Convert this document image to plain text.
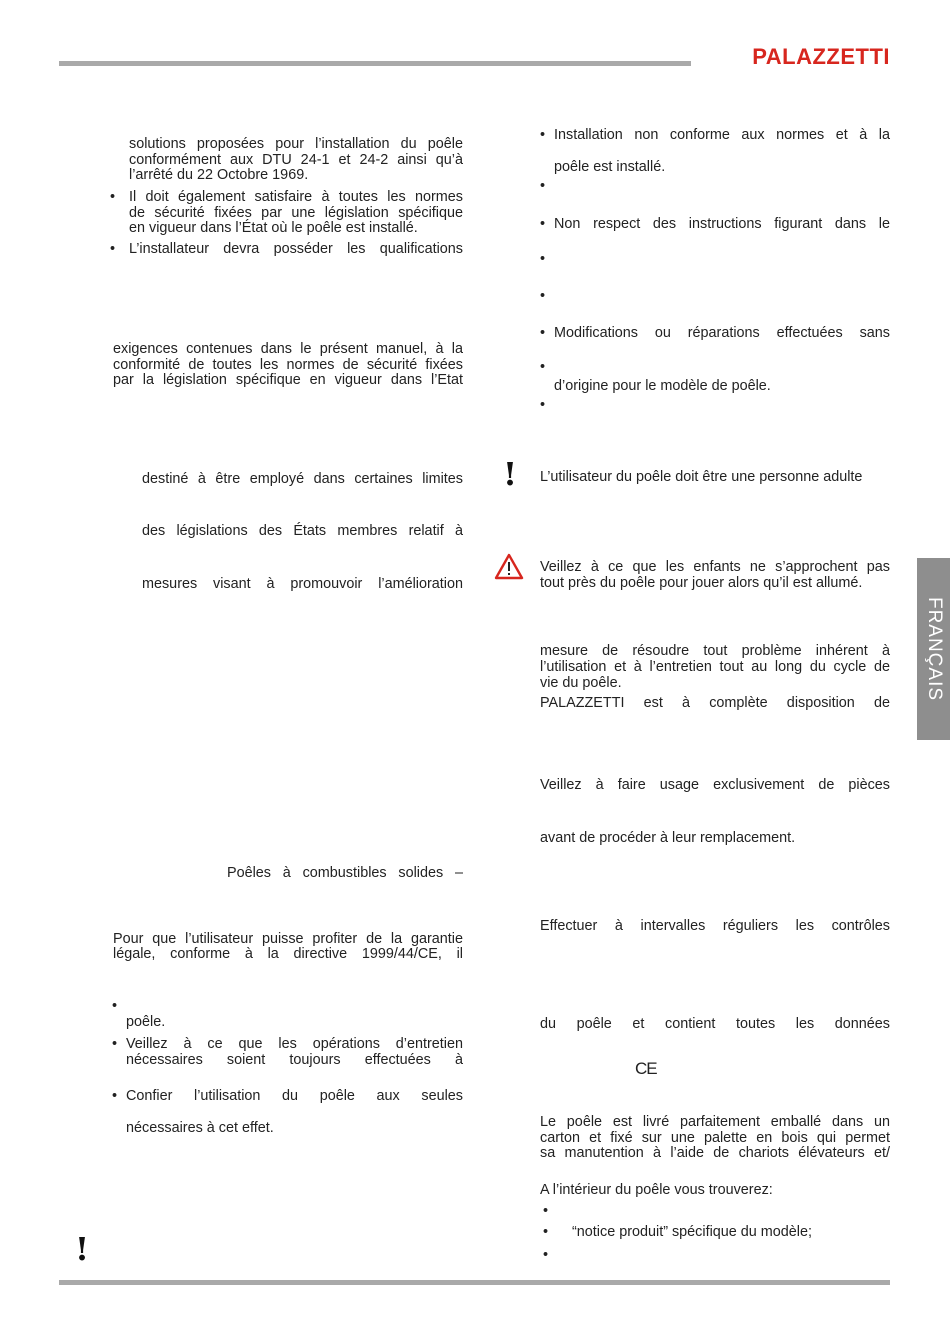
PALAZZETTI
FRANÇAIS
solutions proposées pour l’installation du poêle
conformément aux DTU 24-1 et 24-2 ainsi qu’à
l’arrêté du 22 Octobre 1969.
• Il doit également satisfaire à toutes les normes
de sécurité fixées par une législation spécifique
en vigueur dans l’État où le poêle est installé.
• L’installateur devra posséder les qualifications
exigences contenues dans le présent manuel, à la
conformité de toutes les normes de sécurité fixées
par la législation spécifique en vigueur dans l’Etat
destiné à être employé dans certaines limites
des législations des États membres relatif à
mesures visant à promouvoir l’amélioration
Poêles à combustibles solides –
Pour que l’utilisateur puisse profiter de la garantie
légale, conforme à la directive 1999/44/CE, il
•
poêle.
• Veillez à ce que les opérations d’entretien
nécessaires soient toujours effectuées à
• Confier l’utilisation du poêle aux seules
nécessaires à cet effet.
!
• Installation non conforme aux normes et à la
poêle est installé.
•
• Non respect des instructions figurant dans le
•
•
• Modifications ou réparations effectuées sans
•
d’origine pour le modèle de poêle.
•
! L’utilisateur du poêle doit être une personne adulte
Veillez à ce que les enfants ne s’approchent pas
tout près du poêle pour jouer alors qu’il est allumé.
mesure de résoudre tout problème inhérent à
l’utilisation et à l’entretien tout au long du cycle de
vie du poêle.
PALAZZETTI est à complète disposition de
Veillez à faire usage exclusivement de pièces
avant de procéder à leur remplacement.
Effectuer à intervalles réguliers les contrôles
du poêle et contient toutes les données
CE
Le poêle est livré parfaitement emballé dans un
carton et fixé sur une palette en bois qui permet
sa manutention à l’aide de chariots élévateurs et/
A l’intérieur du poêle vous trouverez:
•
• “notice produit” spécifique du modèle;
•
